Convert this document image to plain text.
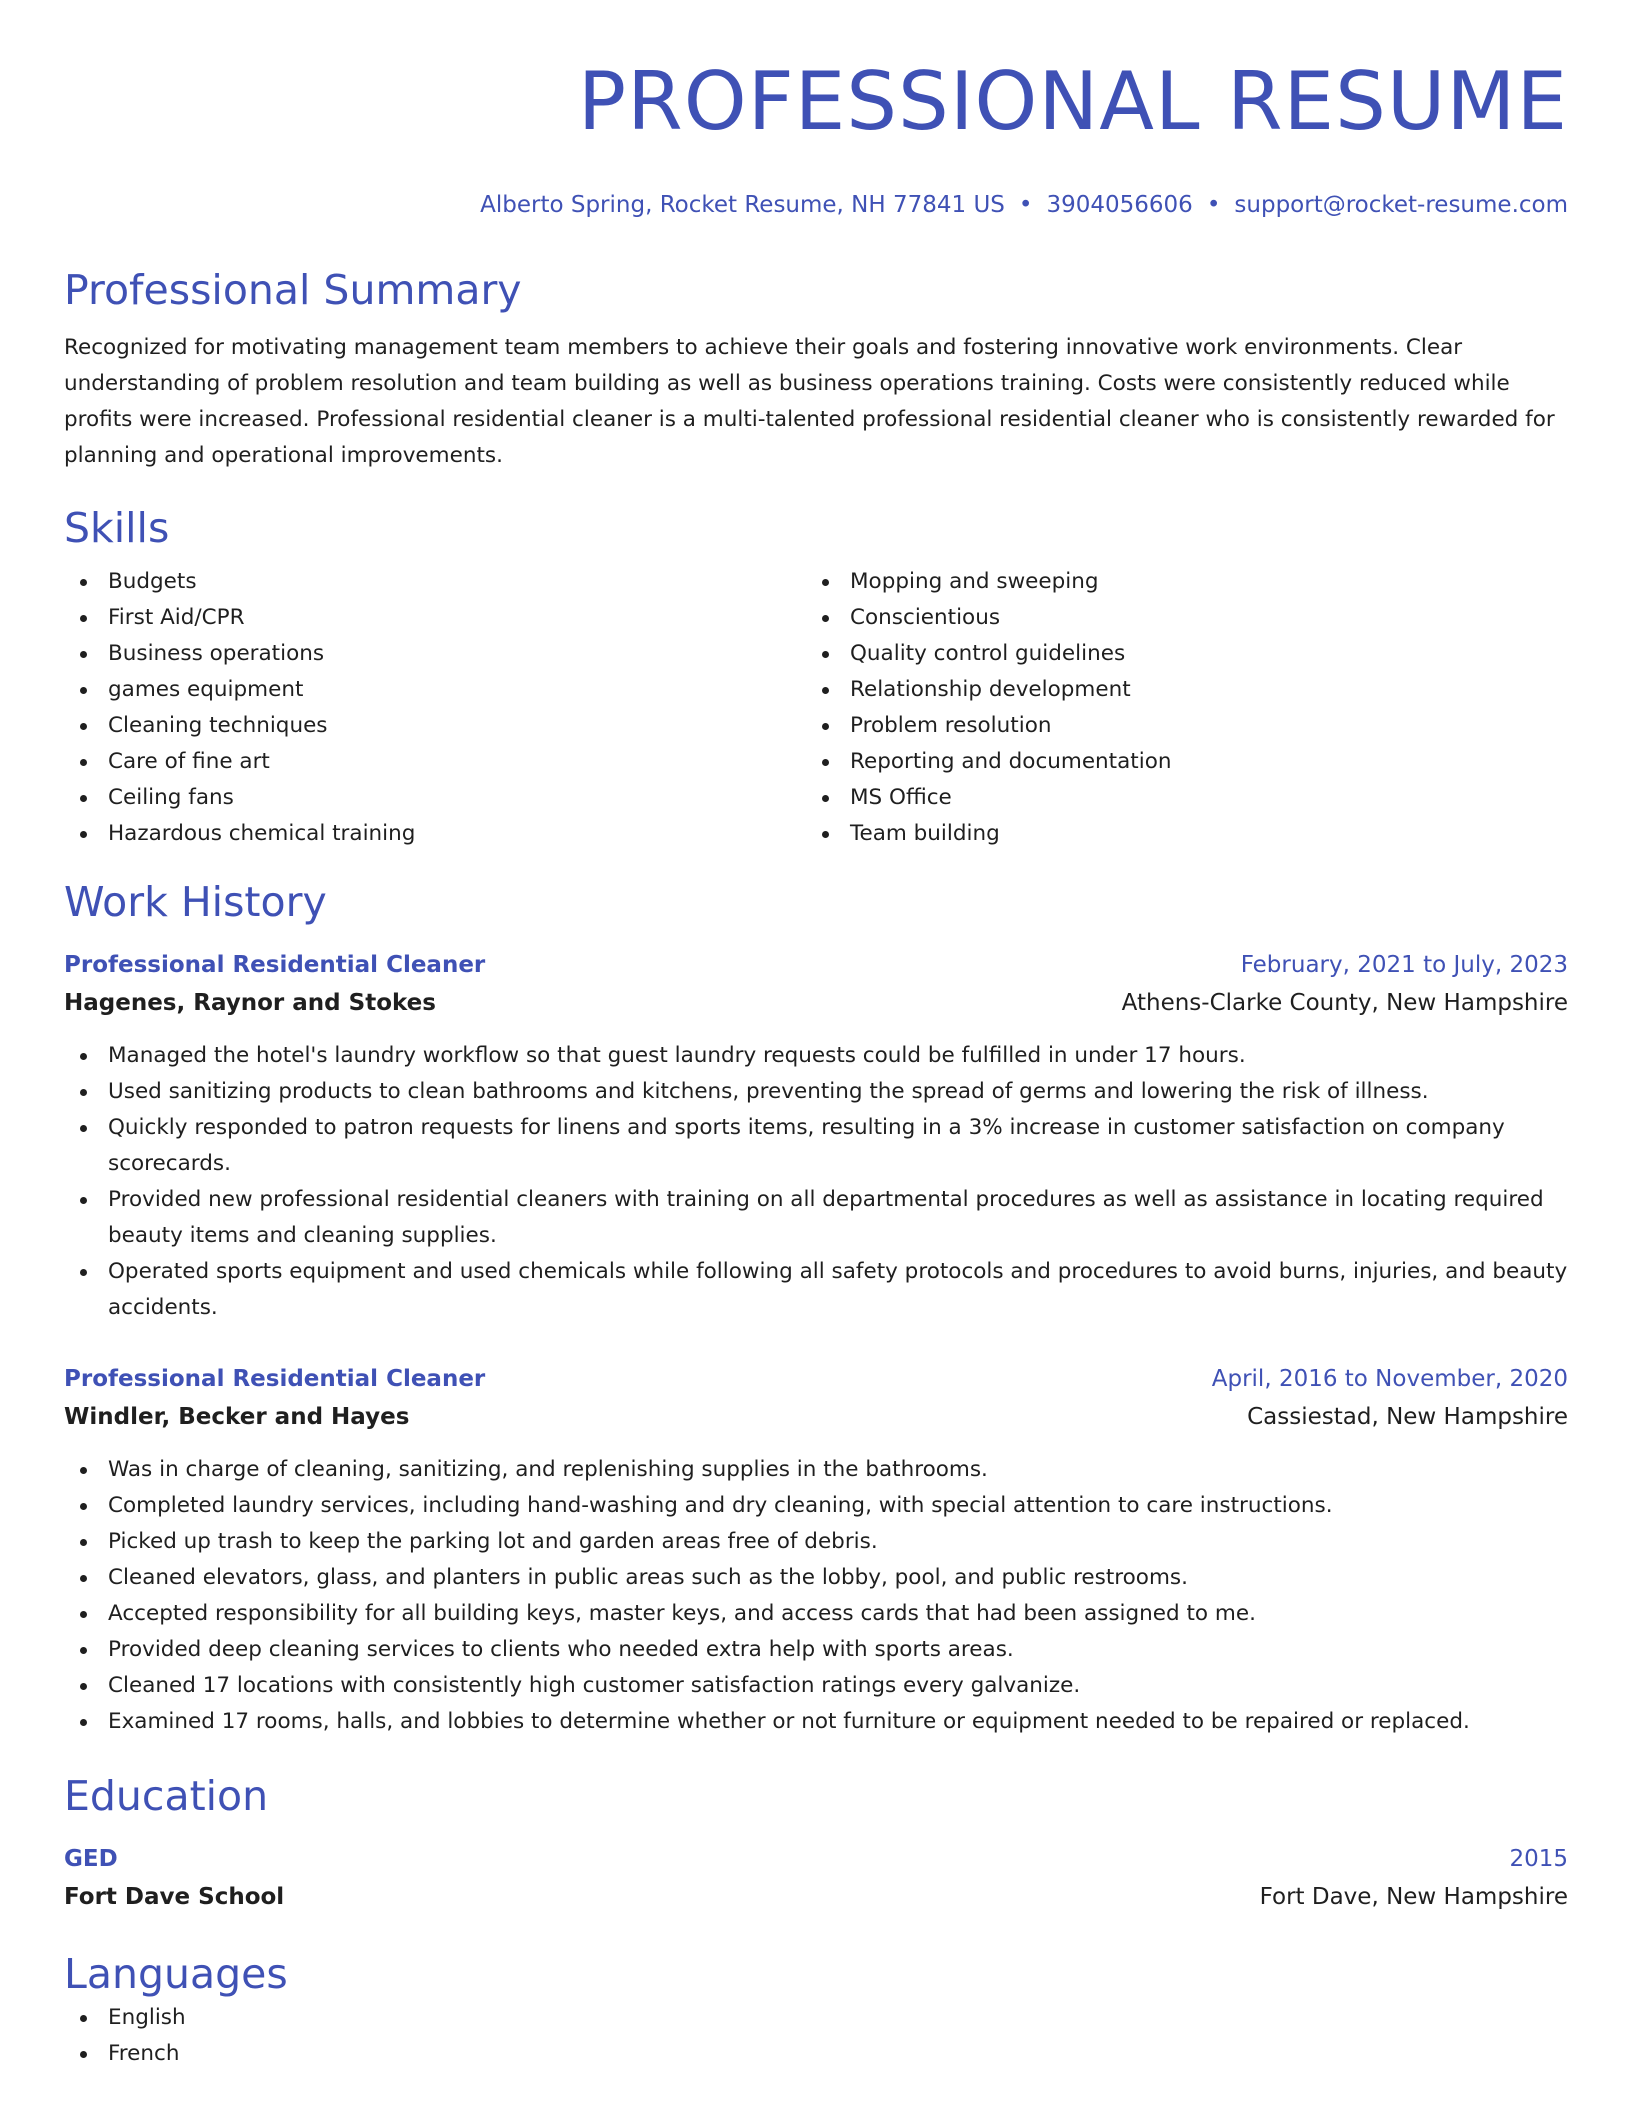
PROFESSIONAL RESUME
Alberto Spring, Rocket Resume, NH 77841 US • 3904056606 • support@rocket-resume.com
Professional Summary

Recognized for motivating management team members to achieve their goals and fostering innovative work environments. Clear understanding of problem resolution and team building as well as business operations training. Costs were consistently reduced while profits were increased. Professional residential cleaner is a multi-talented professional residential cleaner who is consistently rewarded for planning and operational improvements.

Skills
Budgets
First Aid/CPR
Business operations
games equipment
Cleaning techniques
Care of fine art
Ceiling fans
Hazardous chemical training
Mopping and sweeping
Conscientious
Quality control guidelines
Relationship development
Problem resolution
Reporting and documentation
MS Office
Team building
Work History
Professional Residential Cleaner	February, 2021 to July, 2023
Hagenes, Raynor and Stokes	Athens-Clarke County, New Hampshire
Managed the hotel's laundry workflow so that guest laundry requests could be fulfilled in under 17 hours.
Used sanitizing products to clean bathrooms and kitchens, preventing the spread of germs and lowering the risk of illness.
Quickly responded to patron requests for linens and sports items, resulting in a 3% increase in customer satisfaction on company scorecards.
Provided new professional residential cleaners with training on all departmental procedures as well as assistance in locating required beauty items and cleaning supplies.
Operated sports equipment and used chemicals while following all safety protocols and procedures to avoid burns, injuries, and beauty accidents.
Professional Residential Cleaner	April, 2016 to November, 2020
Windler, Becker and Hayes	Cassiestad, New Hampshire
Was in charge of cleaning, sanitizing, and replenishing supplies in the bathrooms.
Completed laundry services, including hand-washing and dry cleaning, with special attention to care instructions.
Picked up trash to keep the parking lot and garden areas free of debris.
Cleaned elevators, glass, and planters in public areas such as the lobby, pool, and public restrooms.
Accepted responsibility for all building keys, master keys, and access cards that had been assigned to me.
Provided deep cleaning services to clients who needed extra help with sports areas.
Cleaned 17 locations with consistently high customer satisfaction ratings every galvanize.
Examined 17 rooms, halls, and lobbies to determine whether or not furniture or equipment needed to be repaired or replaced.
Education
GED	2015
Fort Dave School	Fort Dave, New Hampshire
Languages
English
French
